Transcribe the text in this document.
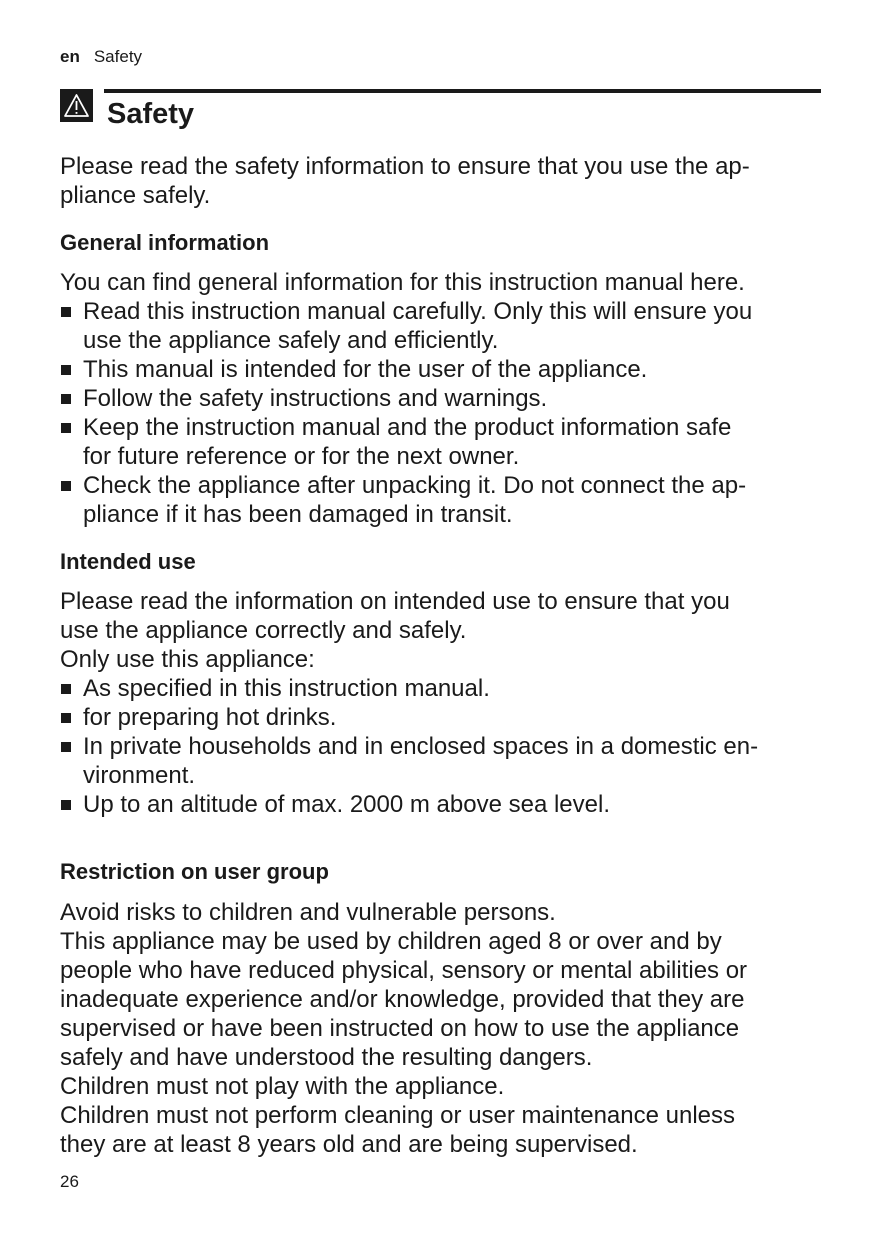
en Safety
Safety

Please read the safety information to ensure that you use the ap-

pliance safely.

General information

You can find general information for this instruction manual here.

Read this instruction manual carefully. Only this will ensure you
use the appliance safely and efficiently.
This manual is intended for the user of the appliance.
Follow the safety instructions and warnings.
Keep the instruction manual and the product information safe
for future reference or for the next owner.
Check the appliance after unpacking it. Do not connect the ap-
pliance if it has been damaged in transit.
Intended use

Please read the information on intended use to ensure that you

use the appliance correctly and safely.

Only use this appliance:

As specified in this instruction manual.
for preparing hot drinks.
In private households and in enclosed spaces in a domestic en-
vironment.
Up to an altitude of max. 2000 m above sea level.
Restriction on user group

Avoid risks to children and vulnerable persons.

This appliance may be used by children aged 8 or over and by

people who have reduced physical, sensory or mental abilities or

inadequate experience and/or knowledge, provided that they are

supervised or have been instructed on how to use the appliance

safely and have understood the resulting dangers.

Children must not play with the appliance.

Children must not perform cleaning or user maintenance unless

they are at least 8 years old and are being supervised.

26
